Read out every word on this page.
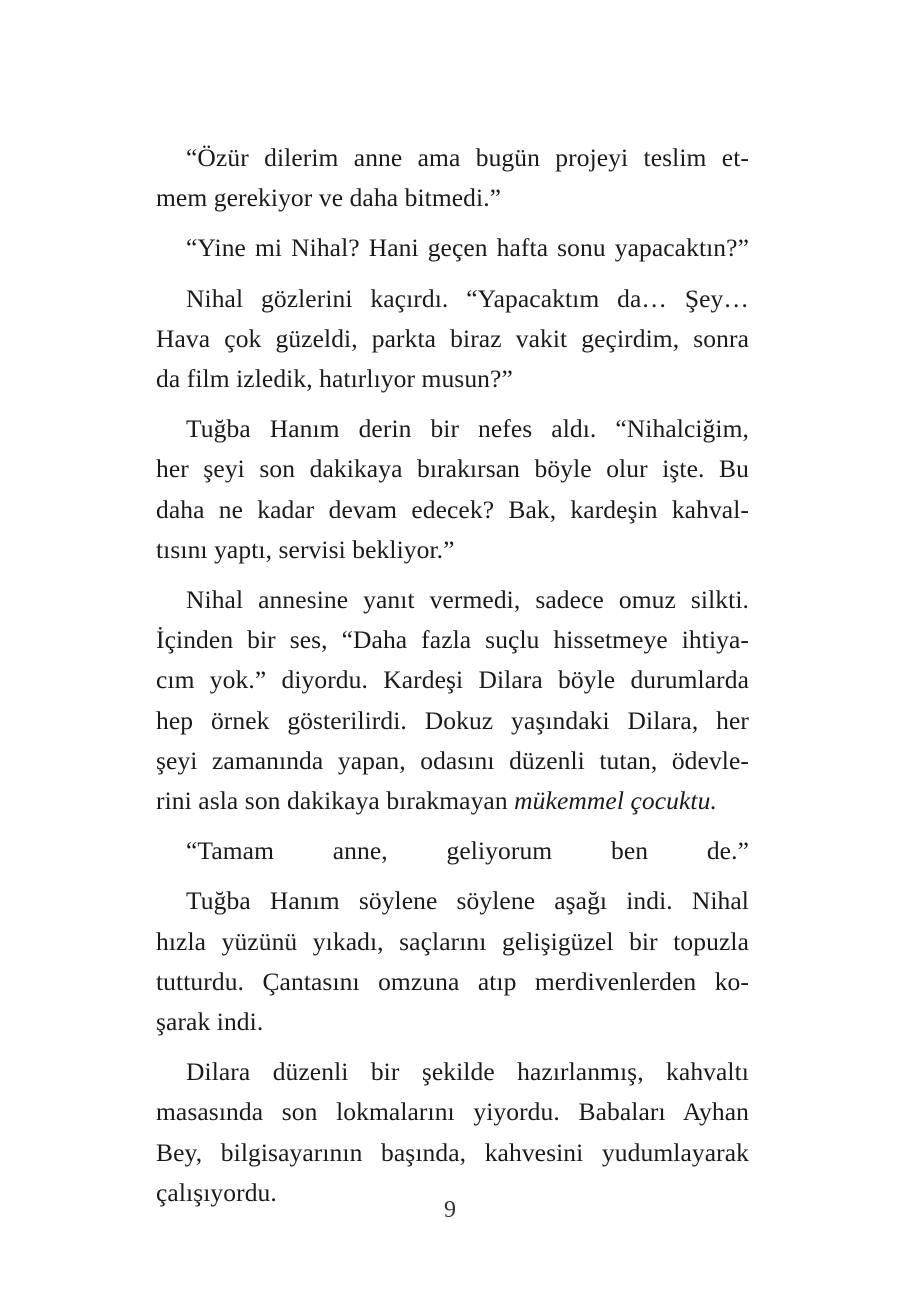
“Özür dilerim anne ama bugün projeyi teslim et-
mem gerekiyor ve daha bitmedi.”
“Yine mi Nihal? Hani geçen hafta sonu yapacaktın?”
Nihal gözlerini kaçırdı. “Yapacaktım da… Şey…
Hava çok güzeldi, parkta biraz vakit geçirdim, sonra
da film izledik, hatırlıyor musun?”
Tuğba Hanım derin bir nefes aldı. “Nihalciğim,
her şeyi son dakikaya bırakırsan böyle olur işte. Bu
daha ne kadar devam edecek? Bak, kardeşin kahval-
tısını yaptı, servisi bekliyor.”
Nihal annesine yanıt vermedi, sadece omuz silkti.
İçinden bir ses, “Daha fazla suçlu hissetmeye ihtiya-
cım yok.” diyordu. Kardeşi Dilara böyle durumlarda
hep örnek gösterilirdi. Dokuz yaşındaki Dilara, her
şeyi zamanında yapan, odasını düzenli tutan, ödevle-
rini asla son dakikaya bırakmayan mükemmel çocuktu.
“Tamam anne, geliyorum ben de.”
Tuğba Hanım söylene söylene aşağı indi. Nihal
hızla yüzünü yıkadı, saçlarını gelişigüzel bir topuzla
tutturdu. Çantasını omzuna atıp merdivenlerden ko-
şarak indi.
Dilara düzenli bir şekilde hazırlanmış, kahvaltı
masasında son lokmalarını yiyordu. Babaları Ayhan
Bey, bilgisayarının başında, kahvesini yudumlayarak
çalışıyordu.
9
